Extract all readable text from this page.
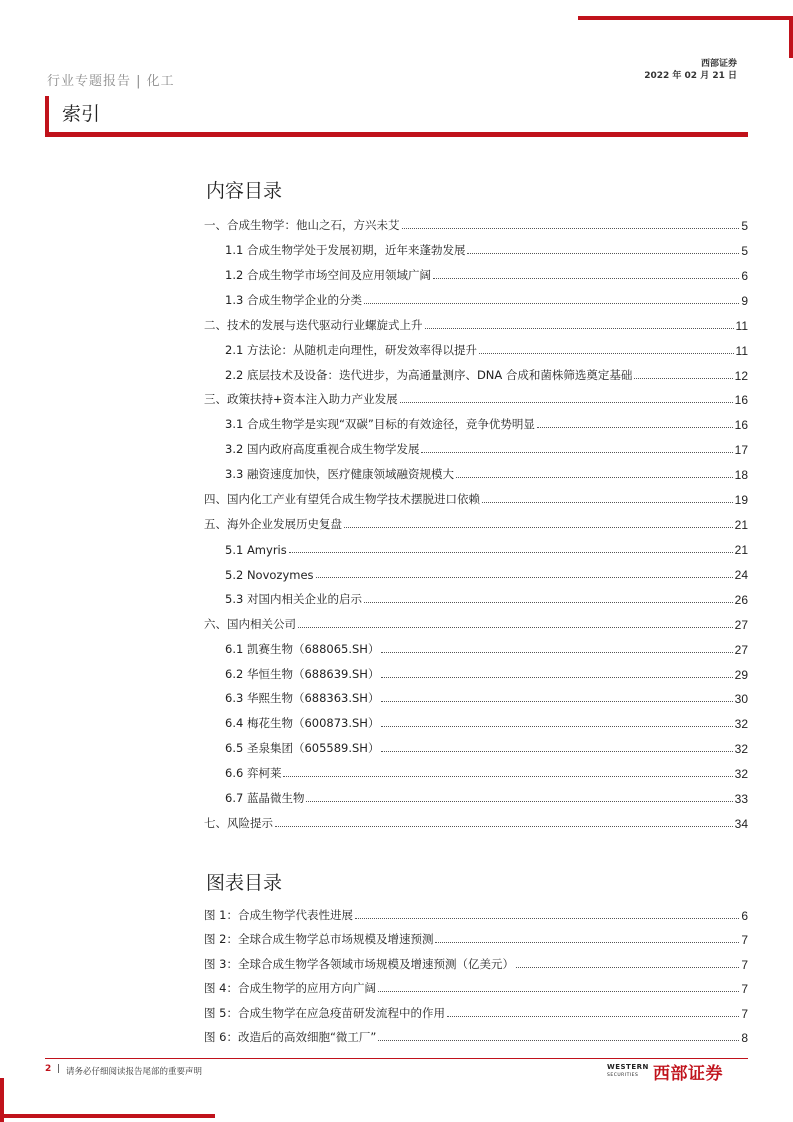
西部证券
2022 年 02 月 21 日
行业专题报告 | 化工
索引
内容目录
一、合成生物学：他山之石，方兴未艾	5
1.1 合成生物学处于发展初期，近年来蓬勃发展	5
1.2 合成生物学市场空间及应用领域广阔	6
1.3 合成生物学企业的分类	9
二、技术的发展与迭代驱动行业螺旋式上升	11
2.1 方法论：从随机走向理性，研发效率得以提升	11
2.2 底层技术及设备：迭代进步，为高通量测序、DNA 合成和菌株筛选奠定基础	12
三、政策扶持+资本注入助力产业发展	16
3.1 合成生物学是实现“双碳”目标的有效途径，竞争优势明显	16
3.2 国内政府高度重视合成生物学发展	17
3.3 融资速度加快，医疗健康领域融资规模大	18
四、国内化工产业有望凭合成生物学技术摆脱进口依赖	19
五、海外企业发展历史复盘	21
5.1 Amyris	21
5.2 Novozymes	24
5.3 对国内相关企业的启示	26
六、国内相关公司	27
6.1 凯赛生物（688065.SH）	27
6.2 华恒生物（688639.SH）	29
6.3 华熙生物（688363.SH）	30
6.4 梅花生物（600873.SH）	32
6.5 圣泉集团（605589.SH）	32
6.6 弈柯莱	32
6.7 蓝晶微生物	33
七、风险提示	34
图表目录
图 1：合成生物学代表性进展	6
图 2：全球合成生物学总市场规模及增速预测	7
图 3：全球合成生物学各领域市场规模及增速预测（亿美元）	7
图 4：合成生物学的应用方向广阔	7
图 5：合成生物学在应急疫苗研发流程中的作用	7
图 6：改造后的高效细胞“微工厂”	8
2 | 请务必仔细阅读报告尾部的重要声明	WESTERN
SECURITIES 西部证券
